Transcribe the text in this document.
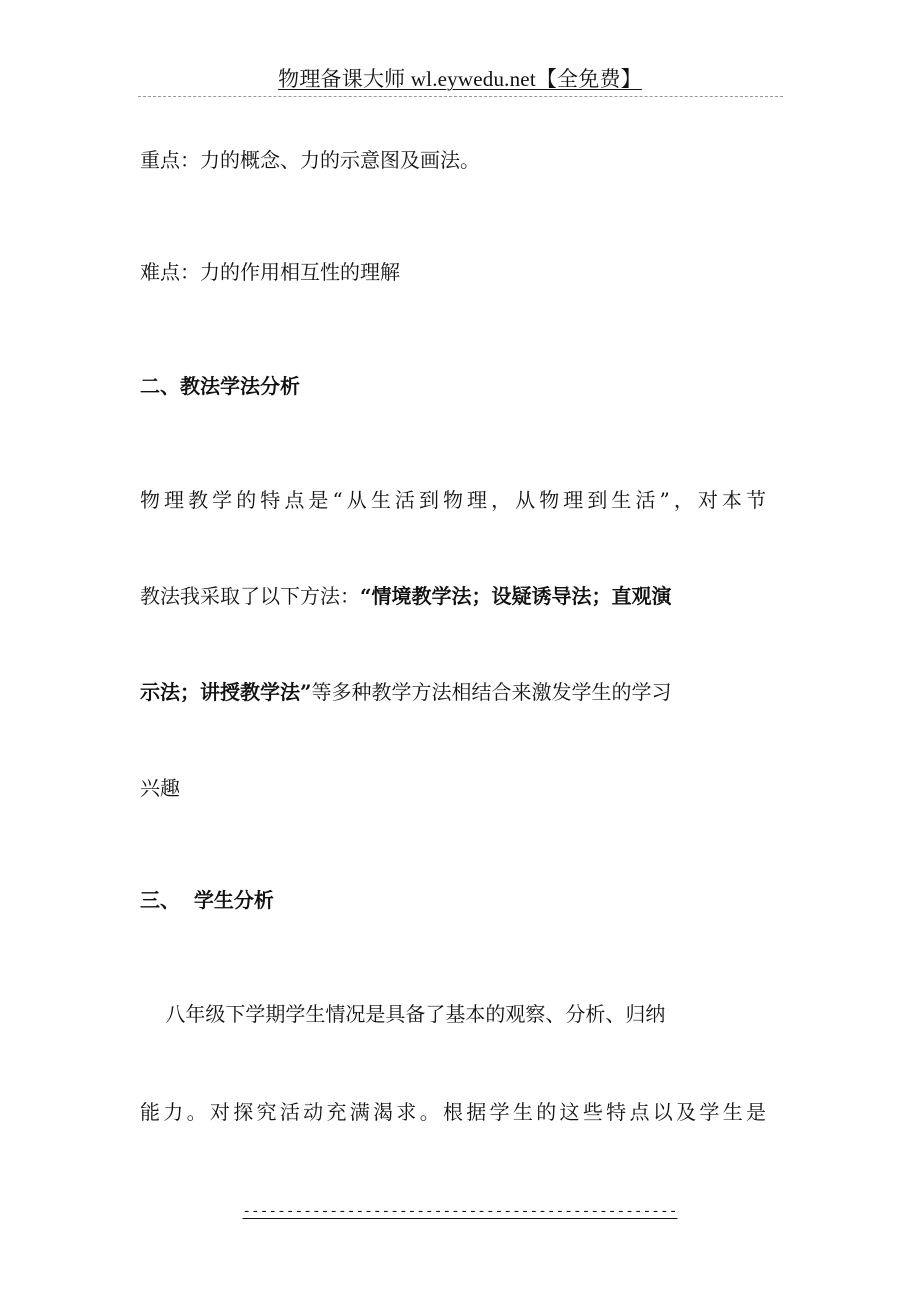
物理备课大师 wl.eywedu.net【全免费】
重点：力的概念、力的示意图及画法。
难点：力的作用相互性的理解
二、教法学法分析
物理教学的特点是“从生活到物理，从物理到生活”，对本节
教法我采取了以下方法：“情境教学法；设疑诱导法；直观演
示法；讲授教学法”等多种教学方法相结合来激发学生的学习
兴趣
三、  学生分析
八年级下学期学生情况是具备了基本的观察、分析、归纳
能力。对探究活动充满渴求。根据学生的这些特点以及学生是
--------------------------------------------------
